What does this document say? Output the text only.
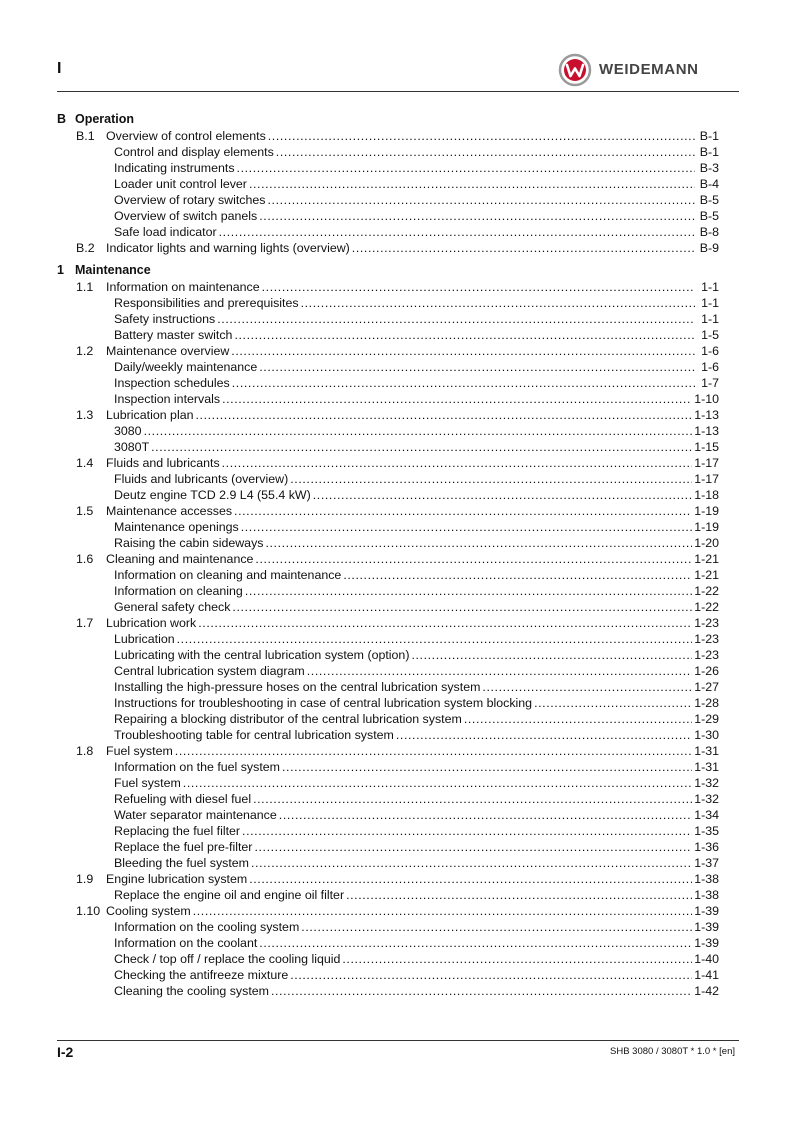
I	WEIDEMANN
B Operation
B.1 Overview of control elements .....	B-1
Control and display elements .....	B-1
Indicating instruments .....	B-3
Loader unit control lever .....	B-4
Overview of rotary switches .....	B-5
Overview of switch panels .....	B-5
Safe load indicator .....	B-8
B.2 Indicator lights and warning lights (overview) .....	B-9
1 Maintenance
1.1	Information on maintenance .....	1-1
Responsibilities and prerequisites .....	1-1
Safety instructions .....	1-1
Battery master switch .....	1-5
1.2	Maintenance overview .....	1-6
Daily/weekly maintenance .....	1-6
Inspection schedules .....	1-7
Inspection intervals .....	1-10
1.3	Lubrication plan .....	1-13
3080 .....	1-13
3080T .....	1-15
1.4	Fluids and lubricants .....	1-17
Fluids and lubricants (overview) .....	1-17
Deutz engine TCD 2.9 L4 (55.4 kW) .....	1-18
1.5	Maintenance accesses .....	1-19
Maintenance openings .....	1-19
Raising the cabin sideways .....	1-20
1.6	Cleaning and maintenance .....	1-21
Information on cleaning and maintenance .....	1-21
Information on cleaning .....	1-22
General safety check .....	1-22
1.7	Lubrication work .....	1-23
Lubrication .....	1-23
Lubricating with the central lubrication system (option) .....	1-23
Central lubrication system diagram .....	1-26
Installing the high-pressure hoses on the central lubrication system .....	1-27
Instructions for troubleshooting in case of central lubrication system blocking .....	1-28
Repairing a blocking distributor of the central lubrication system .....	1-29
Troubleshooting table for central lubrication system .....	1-30
1.8	Fuel system .....	1-31
Information on the fuel system .....	1-31
Fuel system .....	1-32
Refueling with diesel fuel .....	1-32
Water separator maintenance .....	1-34
Replacing the fuel filter .....	1-35
Replace the fuel pre-filter .....	1-36
Bleeding the fuel system .....	1-37
1.9	Engine lubrication system .....	1-38
Replace the engine oil and engine oil filter .....	1-38
1.10 Cooling system .....	1-39
Information on the cooling system .....	1-39
Information on the coolant .....	1-39
Check / top off / replace the cooling liquid .....	1-40
Checking the antifreeze mixture .....	1-41
Cleaning the cooling system .....	1-42
I-2	SHB 3080 / 3080T * 1.0 * [en]
